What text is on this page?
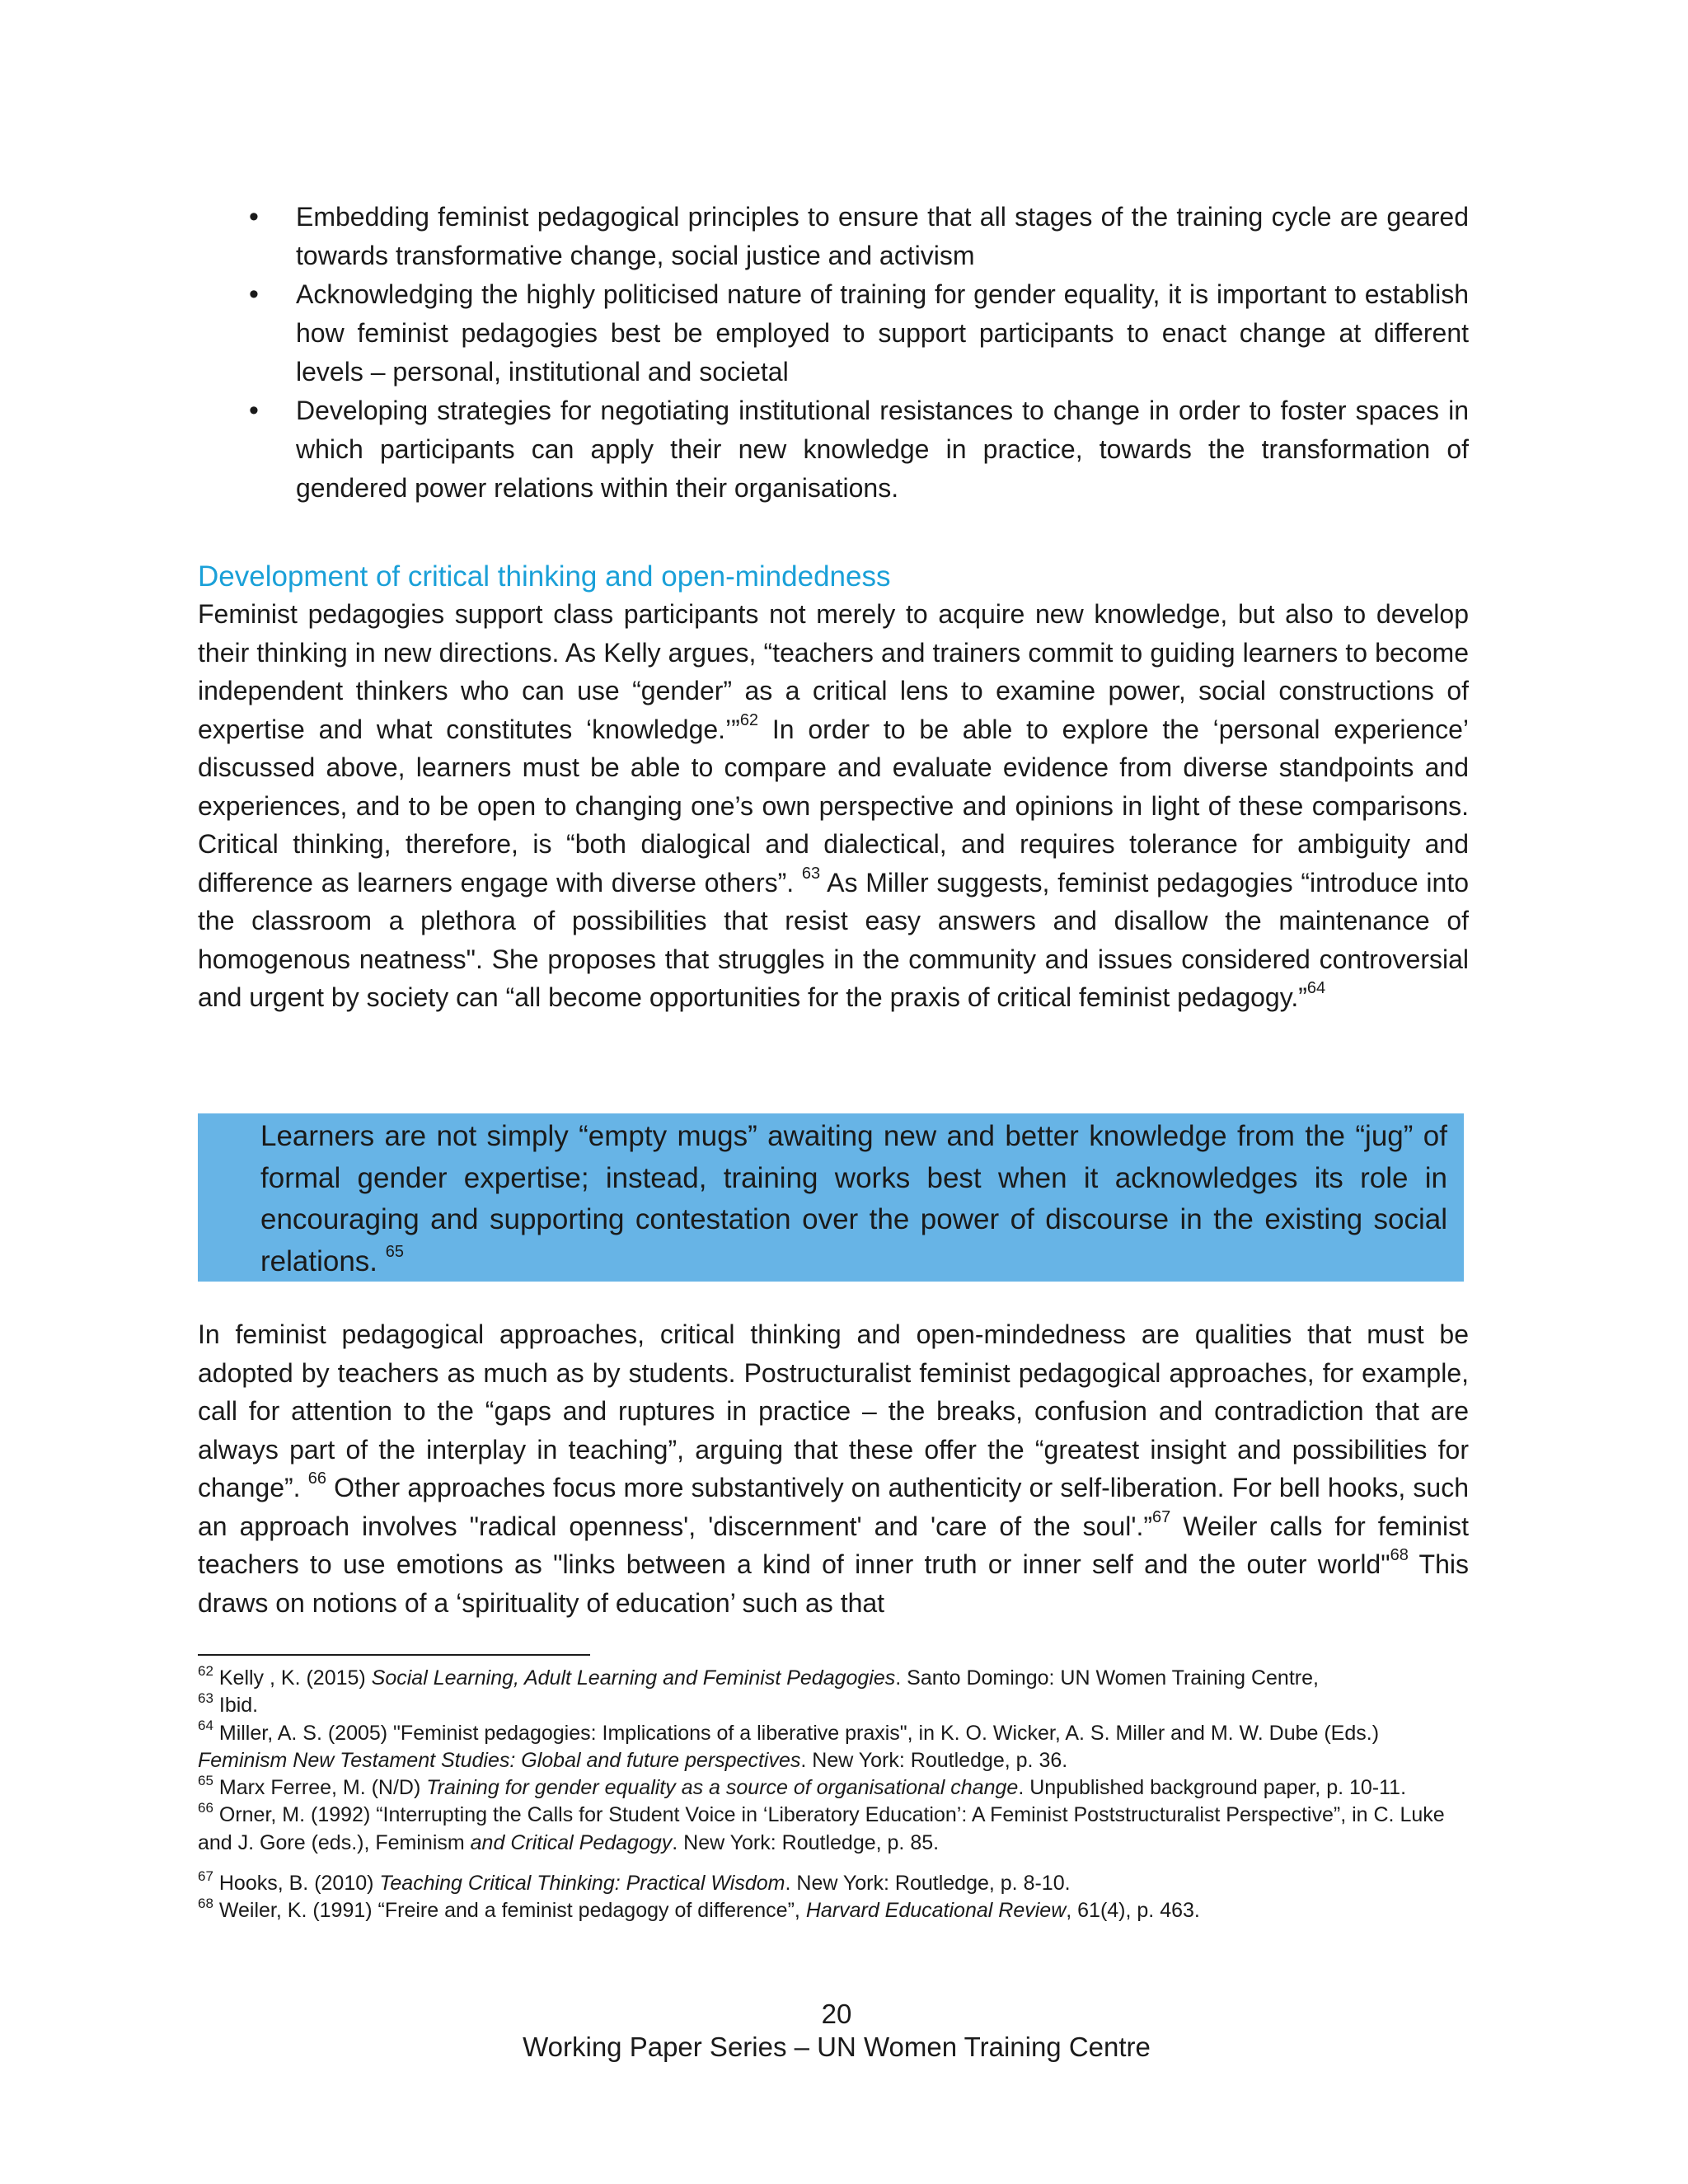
• Embedding feminist pedagogical principles to ensure that all stages of the training cycle are geared towards transformative change, social justice and activism
• Acknowledging the highly politicised nature of training for gender equality, it is important to establish how feminist pedagogies best be employed to support participants to enact change at different levels – personal, institutional and societal
• Developing strategies for negotiating institutional resistances to change in order to foster spaces in which participants can apply their new knowledge in practice, towards the transformation of gendered power relations within their organisations.
Development of critical thinking and open-mindedness

Feminist pedagogies support class participants not merely to acquire new knowledge, but also to develop their thinking in new directions. As Kelly argues, “teachers and trainers commit to guiding learners to become independent thinkers who can use “gender” as a critical lens to examine power, social constructions of expertise and what constitutes ‘knowledge.’”$^{62}$ In order to be able to explore the ‘personal experience’ discussed above, learners must be able to compare and evaluate evidence from diverse standpoints and experiences, and to be open to changing one’s own perspective and opinions in light of these comparisons. Critical thinking, therefore, is “both dialogical and dialectical, and requires tolerance for ambiguity and difference as learners engage with diverse others”. $^{63}$ As Miller suggests, feminist pedagogies “introduce into the classroom a plethora of possibilities that resist easy answers and disallow the maintenance of homogenous neatness". She proposes that struggles in the community and issues considered controversial and urgent by society can “all become opportunities for the praxis of critical feminist pedagogy.”$^{64}$

Learners are not simply “empty mugs” awaiting new and better knowledge from the “jug” of formal gender expertise; instead, training works best when it acknowledges its role in encouraging and supporting contestation over the power of discourse in the existing social relations. $^{65}$

In feminist pedagogical approaches, critical thinking and open-mindedness are qualities that must be adopted by teachers as much as by students. Postructuralist feminist pedagogical approaches, for example, call for attention to the “gaps and ruptures in practice – the breaks, confusion and contradiction that are always part of the interplay in teaching”, arguing that these offer the “greatest insight and possibilities for change”. $^{66}$ Other approaches focus more substantively on authenticity or self-liberation. For bell hooks, such an approach involves "radical openness', 'discernment' and 'care of the soul'.”$^{67}$ Weiler calls for feminist teachers to use emotions as "links between a kind of inner truth or inner self and the outer world"$^{68}$ This draws on notions of a ‘spirituality of education’ such as that

$^{62}$ Kelly , K. (2015) Social Learning, Adult Learning and Feminist Pedagogies. Santo Domingo: UN Women Training Centre,

$^{63}$ Ibid.

$^{64}$ Miller, A. S. (2005) "Feminist pedagogies: Implications of a liberative praxis", in K. O. Wicker, A. S. Miller and M. W. Dube (Eds.) Feminism New Testament Studies: Global and future perspectives. New York: Routledge, p. 36.

$^{65}$ Marx Ferree, M. (N/D) Training for gender equality as a source of organisational change. Unpublished background paper, p. 10-11.

$^{66}$ Orner, M. (1992) “Interrupting the Calls for Student Voice in ‘Liberatory Education’: A Feminist Poststructuralist Perspective”, in C. Luke and J. Gore (eds.), Feminism and Critical Pedagogy. New York: Routledge, p. 85.

$^{67}$ Hooks, B. (2010) Teaching Critical Thinking: Practical Wisdom. New York: Routledge, p. 8-10.

$^{68}$ Weiler, K. (1991) “Freire and a feminist pedagogy of difference”, Harvard Educational Review, 61(4), p. 463.

20
Working Paper Series – UN Women Training Centre
